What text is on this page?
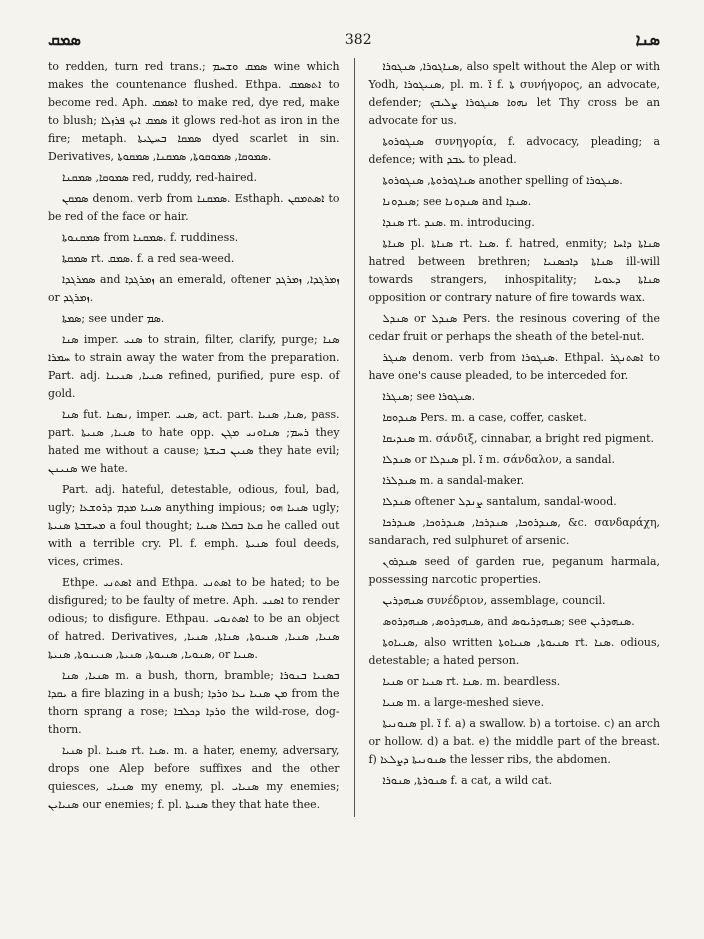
ܣܡܩ	382	ܣܢܐ

to redden, turn red trans.; ܣܡܩ ܘܫܚܡ wine which makes the countenance flushed. Ethpa. ܐܬܣܡܩ to become red. Aph. ܐܣܡܩ to make red, dye red, make to blush; ܣܡܩ ܐܝܟ ܦܪܙܠܐ it glows red-hot as iron in the fire; metaph. ܣܡܩܐ ܒܚܛܝܬܐ dyed scarlet in sin. Derivatives, ܣܡܘܩܐ, ܣܡܘܩܘܬܐ, ܣܡܩܢܐ, ܣܡܩܘܬܐ.

ܣܡܘܩܐ, ܣܡܩܢܐ red, ruddy, red-haired.

ܣܡܩܢ denom. verb from ܣܡܩܢܐ. Esthaph. ܐܣܬܡܩܢ to be red of the face or hair.

ܣܡܩܢܘܬܐ from ܣܡܩܢܐ. f. ruddiness.

ܣܡܩܬܐ rt. ܣܡܩ. f. a red sea-weed.

ܣܡܪܓܕܐ and ܙܡܪܓܕܐ an emerald, oftener ܙܡܪܓܕܐ, ܙܡܪܓܕ or ܙܡܪܓܕ.

ܣܡܬܐ; see under ܣܡ.

ܣܢܐ imper. ܣܢܝ to strain, filter, clarify, purge; ܣܢܐ ܚܡܪܐ to strain away the water from the preparation. Part. adj. ܣܢܝܐ, ܣܢܝܢܐ refined, purified, pure esp. of gold.

ܣܢܐ fut. ܢܣܢܐ, imper. ܣܢܝ, act. part. ܣܢܐ, ܣܢܝܐ, pass. part. ܣܢܝܐ, ܣܢܝܬܐ to hate opp. ܪܚܡ; ܣܢܐܘܢܝ ܡܓܢ they hated me without a cause; ܣܢܝܢ ܒܝܫܬܐ they hate evil; ܣܢܝܢܢ we hate.

Part. adj. hateful, detestable, odious, foul, bad, ugly; ܣܢܝܐ ܡܕܡ ܕܪܘܫܥܐ anything impious; ܣܢܝܐ ܗܘ ugly; ܡܚܫܒܬܐ ܣܢܝܬܐ a foul thought; ܩܥܐ ܒܩܠܐ ܣܢܝܐ he called out with a terrible cry. Pl. f. emph. ܣܢܝܬܐ foul deeds, vices, crimes.

Ethpe. ܐܣܬܢܝ and Ethpa. ܐܣܬܢܝ to be hated; to be disfigured; to be faulty of metre. Aph. ܐܣܢܝ to render odious; to disfigure. Ethpau. ܐܣܬܢܘܝ to be an object of hatred. Derivatives, ܣܢܝܐ, ܣܢܝܐ, ܣܢܝܘܬܐ, ܣܢܐܬܐ, ܣܢܝܐ, ܣܢܘܝܐ, ܣܢܝܘܬܐ, ܣܢܝܬܐ, ܣܢܝܢܘܬܐ, ܣܢܝܬܐ, or ܣܢܝܐ.

ܣܢܝܐ, ܣܢܐ m. a bush, thorn, bramble; ܒܣܢܝܐ ܒܢܘܪܐ ܝܩܕܐ a fire blazing in a bush; ܡܢ ܣܢܝܐ ܝܥܐ ܘܪܕܐ from the thorn sprang a rose; ܘܪܕܐ ܕܟܠܒܐ the wild-rose, dog-thorn.

ܣܢܝܐ pl. ܣܢܝܐ rt. ܣܢܐ. m. a hater, enemy, adversary, drops one Alep before suffixes and the other quiesces, ܣܢܝܐܝ my enemy, pl. ܣܢܝܐܝ my enemies; ܣܢܝܐܝܢ our enemies; f. pl. ܣܢܝܬܐ they that hate thee.

ܣܢܐܓܘܪܐ, ܣܢܓܘܪܐ, also spelt without the Alep or with Yodh, ܣܢܝܓܘܪܐ, pl. m. ܐ̈ f. ܬܐ συνήγορος, an advocate, defender; ܢܗܘܐ ܣܢܓܘܪܐ ܨܠܝܒܟ let Thy cross be an advocate for us.

ܣܢܓܘܪܘܬܐ συνηγορία, f. advocacy, pleading; a defence; with ܥܒܕ to plead.

ܣܢܐܓܘܪܘܬܐ, ܣܢܓܘܪܘܬܐ another spelling of ܣܢܓܘܪܐ.

ܣܢܕܘܢܐ; see ܣܢܕܘܢܐ and ܣܢܕܐ.

ܣܢܕܐ rt. ܣܢܕ. m. introducing.

ܣܢܐܬܐ pl. ܣܢܐܬܐ rt. ܣܢܐ. f. hatred, enmity; ܣܢܐܬܐ ܕܐܚܐ hatred between brethren; ܣܢܐܬܐ ܕܐܟܣܢܝܐ ill-will towards strangers, inhospitality; ܣܢܐܬܐ ܕܥܘܝܐ opposition or contrary nature of fire towards wax.

ܣܢܕܠ or ܣܢܕܠ Pers. the resinous covering of the cedar fruit or perhaps the sheath of the betel-nut.

ܣܢܓܪ denom. verb from ܣܢܓܘܪܐ. Ethpal. ܐܣܬܢܓܪ to have one's cause pleaded, to be interceded for.

ܣܢܓܪܐ; see ܣܢܓܘܪܐ.

ܣܢܕܘܩܐ Pers. m. a case, coffer, casket.

ܣܢܕܝܩܐ m. σάνδιξ, cinnabar, a bright red pigment.

ܣܢܕܠܐ or ܣܢܕܠܐ pl. ܐ̈ m. σάνδαλον, a sandal.

ܣܢܕܠܪܐ m. a sandal-maker.

ܣܢܕܠܐ oftener ܨܢܕܠ santalum, sandal-wood.

ܣܢܕܪܘܟܐ, ܣܢܕܪܟܐ, ܣܢܕܪܘܟܐ, ܣܢܕܪܟܐ, &c. σανδαράχη, sandarach, red sulphuret of arsenic.

ܣܢܕܪܘܢ seed of garden rue, peganum harmala, possessing narcotic properties.

ܣܢܗܕܪܝܢ συνέδριον, assemblage, council.

ܣܢܗܕܪܘܣ, ܣܢܗܕܪܘܣ, and ܣܢܗܕܪܝܘܣ; see ܣܢܗܕܪܝܢ.

ܣܢܝܐܘܬܐ, also written ܣܢܝܘܬܐ, ܣܢܝܐܘܬܐ rt. ܣܢܐ. odious, detestable; a hated person.

ܣܢܝܐ or ܣܢܝܐ rt. ܣܢܐ. m. beardless.

ܣܢܝܐ m. a large-meshed sieve.

ܣܢܘܢܝܬܐ pl. ܐ̈ f. a) a swallow. b) a tortoise. c) an arch or hollow. d) a bat. e) the middle part of the breast. f) ܣܢܘܢܝܬܐ ܕܨܠܥܐ the lesser ribs, the abdomen.

ܣܢܘܪܬܐ, ܣܢܘܪܐ f. a cat, a wild cat.
